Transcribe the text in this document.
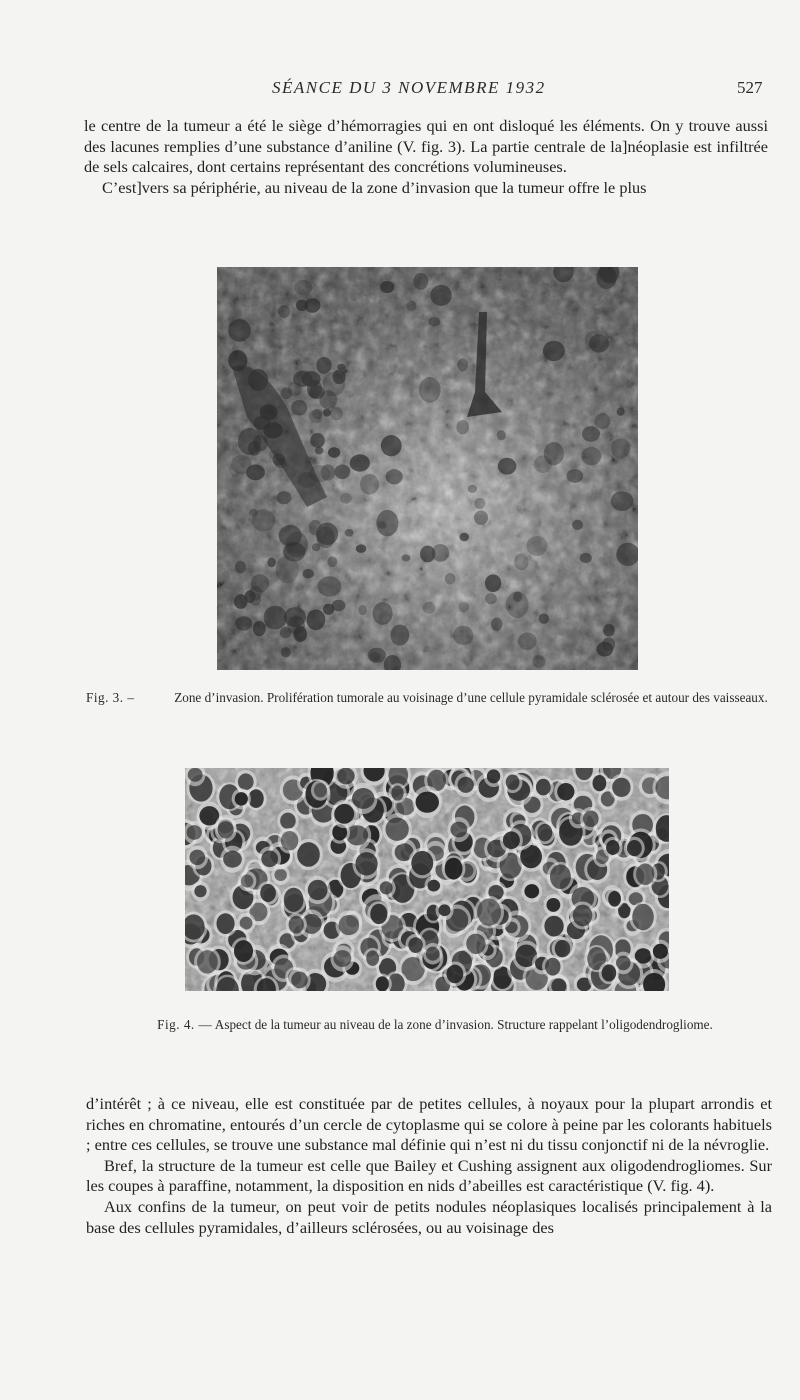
SÉANCE DU 3 NOVEMBRE 1932	527

le centre de la tumeur a été le siège d’hémorragies qui en ont disloqué les éléments. On y trouve aussi des lacunes remplies d’une substance d’aniline (V. fig. 3). La partie centrale de la]néoplasie est infiltrée de sels calcaires, dont certains représentant des concrétions volumineuses.

C’est]vers sa périphérie, au niveau de la zone d’invasion que la tumeur offre le plus

Fig. 3. –	Zone d’invasion. Prolifération tumorale au voisinage d’une cellule pyramidale sclérosée et autour des vaisseaux.
Fig. 4. — Aspect de la tumeur au niveau de la zone d’invasion. Structure rappelant l’oligodendrogliome.

d’intérêt ; à ce niveau, elle est constituée par de petites cellules, à noyaux pour la plupart arrondis et riches en chromatine, entourés d’un cercle de cytoplasme qui se colore à peine par les colorants habituels ; entre ces cellules, se trouve une substance mal définie qui n’est ni du tissu conjonctif ni de la névroglie.

Bref, la structure de la tumeur est celle que Bailey et Cushing assignent aux oligodendrogliomes. Sur les coupes à paraffine, notamment, la disposition en nids d’abeilles est caractéristique (V. fig. 4).

Aux confins de la tumeur, on peut voir de petits nodules néoplasiques localisés principalement à la base des cellules pyramidales, d’ailleurs sclérosées, ou au voisinage des
